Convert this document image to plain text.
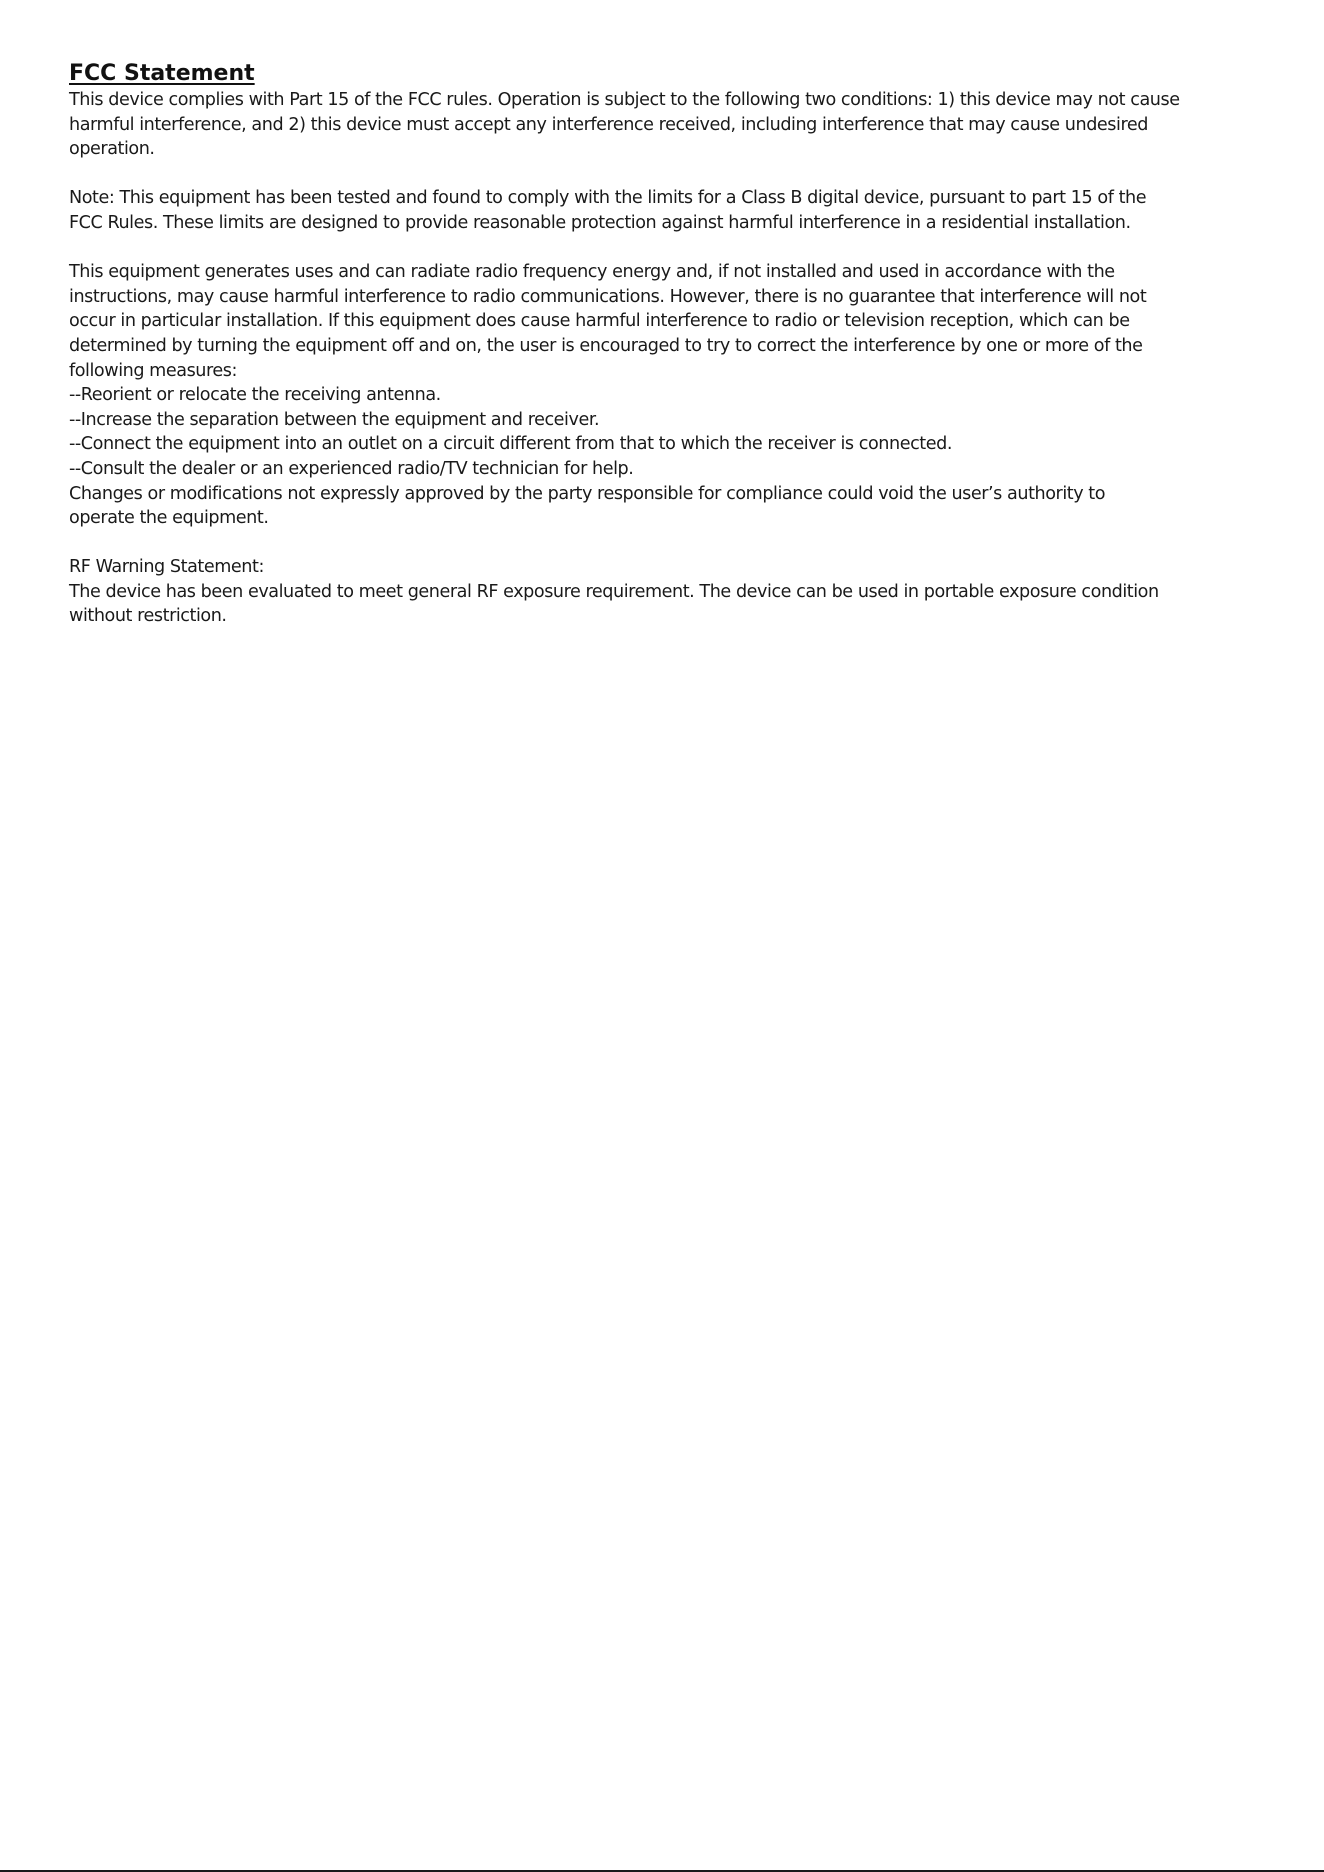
FCC Statement

This device complies with Part 15 of the FCC rules. Operation is subject to the following two conditions: 1) this device may not cause
harmful interference, and 2) this device must accept any interference received, including interference that may cause undesired
operation.

Note: This equipment has been tested and found to comply with the limits for a Class B digital device, pursuant to part 15 of the
FCC Rules. These limits are designed to provide reasonable protection against harmful interference in a residential installation.

This equipment generates uses and can radiate radio frequency energy and, if not installed and used in accordance with the
instructions, may cause harmful interference to radio communications. However, there is no guarantee that interference will not
occur in particular installation. If this equipment does cause harmful interference to radio or television reception, which can be
determined by turning the equipment off and on, the user is encouraged to try to correct the interference by one or more of the
following measures:
--Reorient or relocate the receiving antenna.
--Increase the separation between the equipment and receiver.
--Connect the equipment into an outlet on a circuit different from that to which the receiver is connected.
--Consult the dealer or an experienced radio/TV technician for help.
Changes or modifications not expressly approved by the party responsible for compliance could void the user’s authority to
operate the equipment.

RF Warning Statement:
The device has been evaluated to meet general RF exposure requirement. The device can be used in portable exposure condition
without restriction.
